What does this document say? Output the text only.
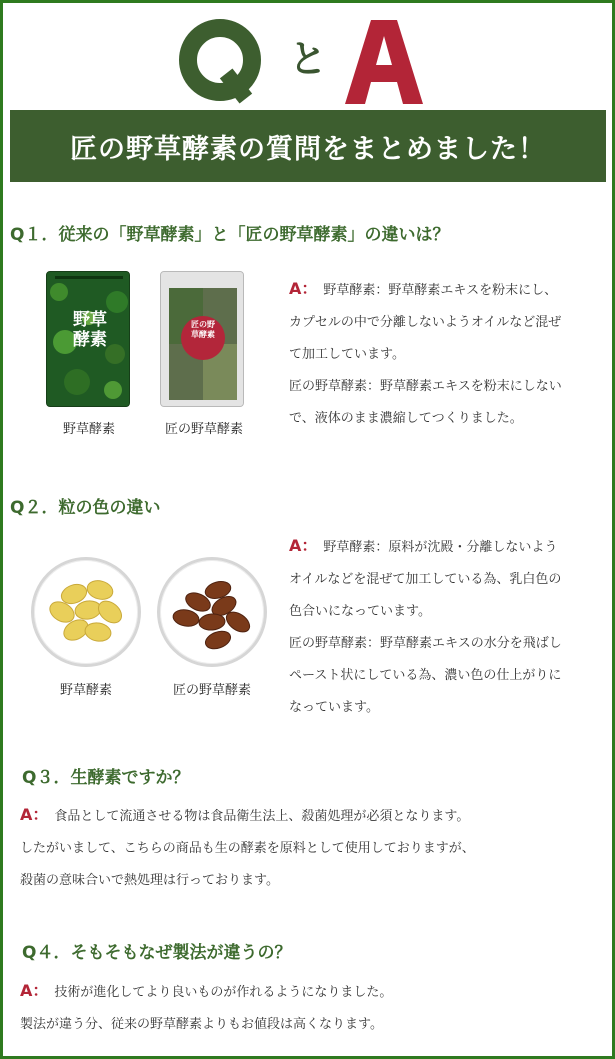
と
匠の野草酵素の質問をまとめました！
Q１．従来の「野草酵素」と「匠の野草酵素」の違いは？
野草酵素
匠の野草酵素
野草酵素	匠の野草酵素
A： 野草酵素：野草酵素エキスを粉末にし、
カプセルの中で分離しないようオイルなど混ぜ
て加工しています。
匠の野草酵素：野草酵素エキスを粉末にしない
で、液体のまま濃縮してつくりました。
Q２．粒の色の違い
野草酵素	匠の野草酵素
A： 野草酵素：原料が沈殿・分離しないよう
オイルなどを混ぜて加工している為、乳白色の
色合いになっています。
匠の野草酵素：野草酵素エキスの水分を飛ばし
ペースト状にしている為、濃い色の仕上がりに
なっています。
Q３．生酵素ですか？
A： 食品として流通させる物は食品衛生法上、殺菌処理が必須となります。
したがいまして、こちらの商品も生の酵素を原料として使用しておりますが、
殺菌の意味合いで熱処理は行っております。
Q４．そもそもなぜ製法が違うの？
A： 技術が進化してより良いものが作れるようになりました。
製法が違う分、従来の野草酵素よりもお値段は高くなります。
